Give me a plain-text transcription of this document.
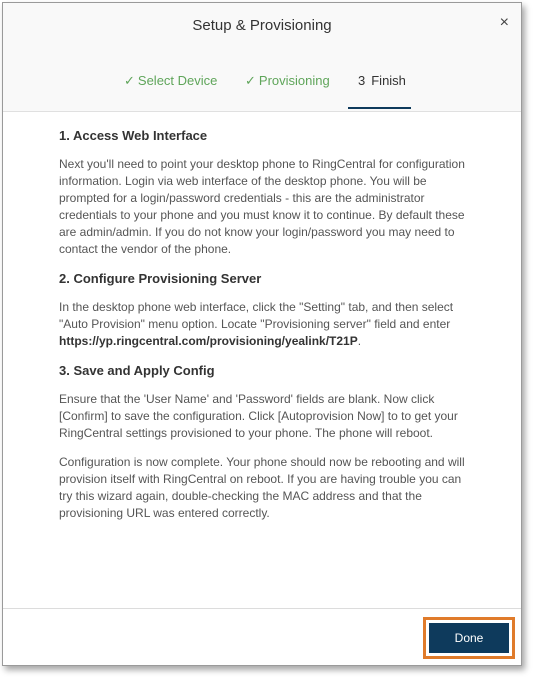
Setup & Provisioning	×
✓ Select Device ✓ Provisioning	3 Finish
1. Access Web Interface

Next you'll need to point your desktop phone to RingCentral for configuration information. Login via web interface of the desktop phone. You will be prompted for a login/password credentials - this are the administrator credentials to your phone and you must know it to continue. By default these are admin/admin. If you do not know your login/password you may need to contact the vendor of the phone.

2. Configure Provisioning Server

In the desktop phone web interface, click the "Setting" tab, and then select "Auto Provision" menu option. Locate "Provisioning server" field and enter https://yp.ringcentral.com/provisioning/yealink/T21P.

3. Save and Apply Config

Ensure that the 'User Name' and 'Password' fields are blank. Now click [Confirm] to save the configuration. Click [Autoprovision Now] to to get your RingCentral settings provisioned to your phone. The phone will reboot.

Configuration is now complete. Your phone should now be rebooting and will provision itself with RingCentral on reboot. If you are having trouble you can try this wizard again, double-checking the MAC address and that the provisioning URL was entered correctly.

Done
